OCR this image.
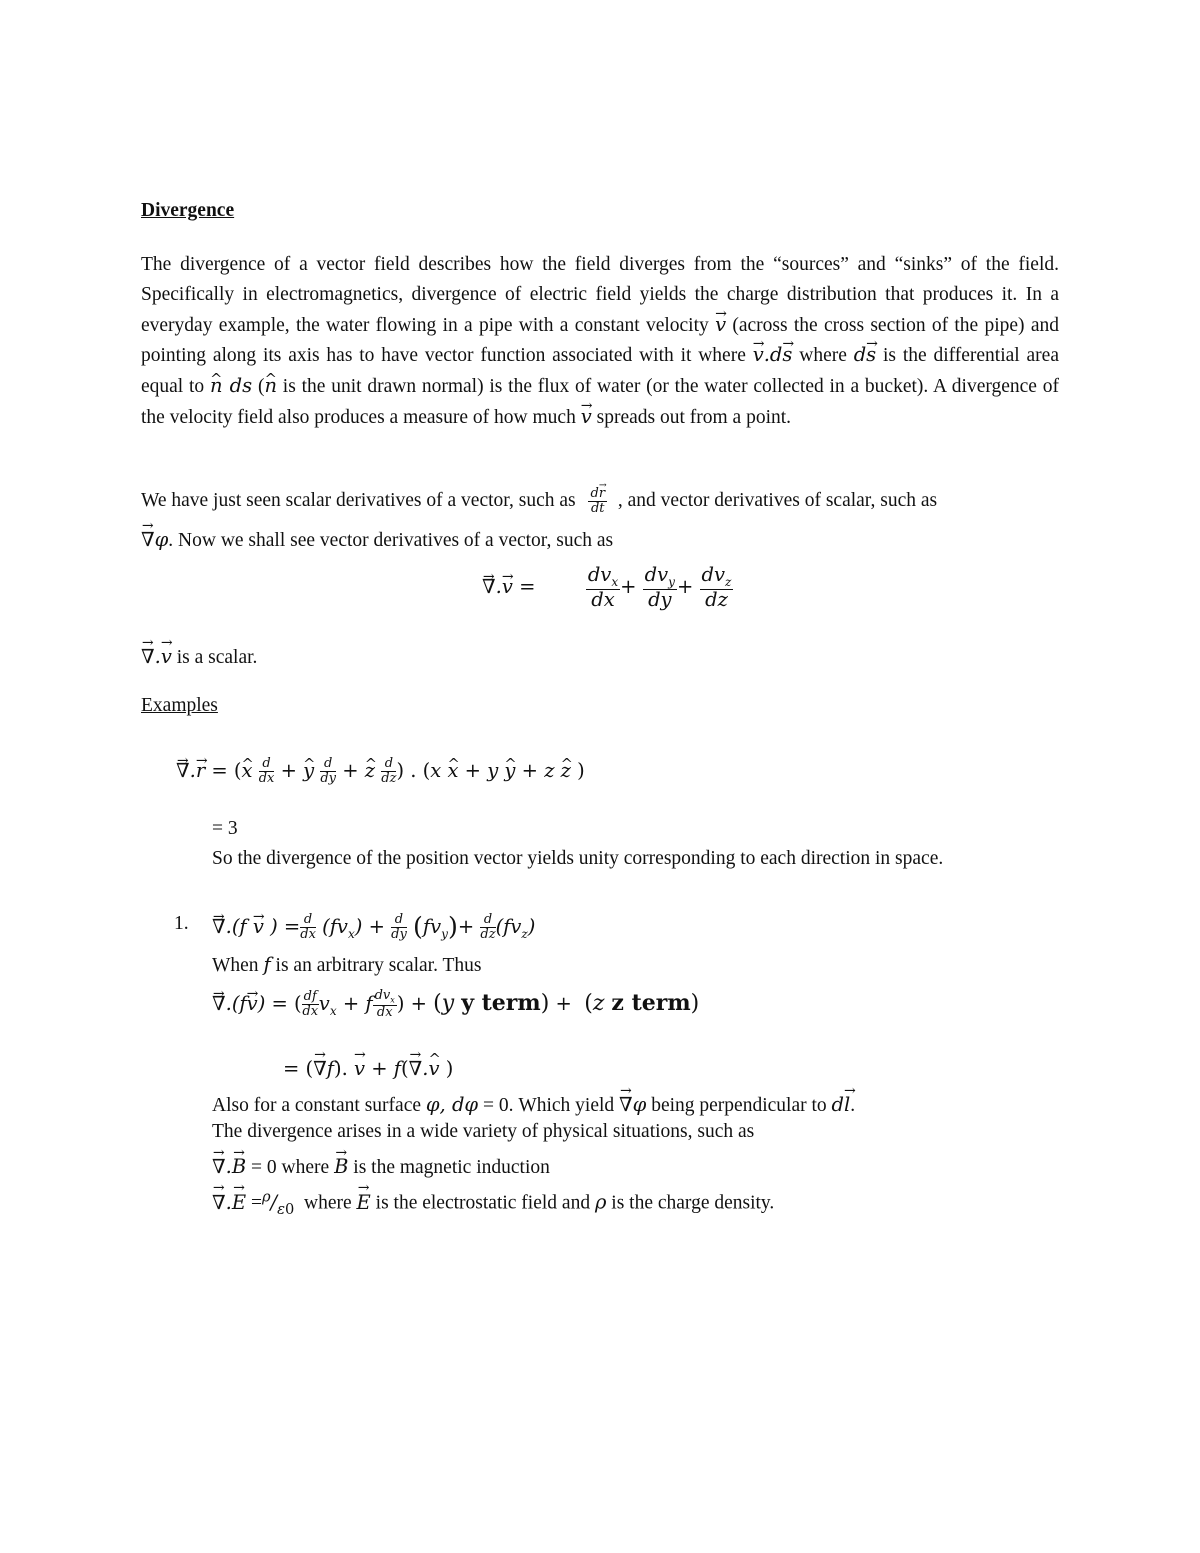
Divergence
The divergence of a vector field describes how the field diverges from the “sources” and “sinks” of the field. Specifically in electromagnetics, divergence of electric field yields the charge distribution that produces it. In a everyday example, the water flowing in a pipe with a constant velocity → v (across the cross section of the pipe) and pointing along its axis has to have vector function associated with it where → v.d→ s where d→ s is the differential area equal to ^ n ds (^ n is the unit drawn normal) is the flux of water (or the water collected in a bucket). A divergence of the velocity field also produces a measure of how much → v spreads out from a point.
We have just seen scalar derivatives of a vector, such as $\frac{d\to r}{dt}$ , and vector derivatives of scalar, such as
→ ∇φ. Now we shall see vector derivatives of a vector, such as
→ ∇.→ v =	$\frac{dv_x}{dx} + \frac{dv_y}{dy} + \frac{dv_z}{dz}$
→ ∇.→ v is a scalar.
Examples
→ ∇.→ r = (^ x $\frac{d}{dx}$ + ^ y $\frac{d}{dy}$ + ^ z $\frac{d}{dz}$ ) . (x ^ x + y ^ y + z ^ z )
= 3
So the divergence of the position vector yields unity corresponding to each direction in space.
1. → ∇.(f → v ) = $\frac{d}{dx} (fv_x) + \frac{d}{dy} (fv_y)+ \frac{d}{dz} (fv_z)$
When f is an arbitrary scalar. Thus
→ ∇.(f→ v) = ( $\frac{df}{dx} v_x + f \frac{dv_x}{dx}$ ) + (y y term) + (z z term)
= (→ ∇f). → v + f(→ ∇.^ v )
Also for a constant surface φ, dφ = 0. Which yield → ∇φ being perpendicular to d→ l.
The divergence arises in a wide variety of physical situations, such as
→ ∇.→ B = 0 where → B is the magnetic induction
→ ∇.→ $E =^\rho/_{\varepsilon 0}$  where → E is the electrostatic field and ρ is the charge density.
